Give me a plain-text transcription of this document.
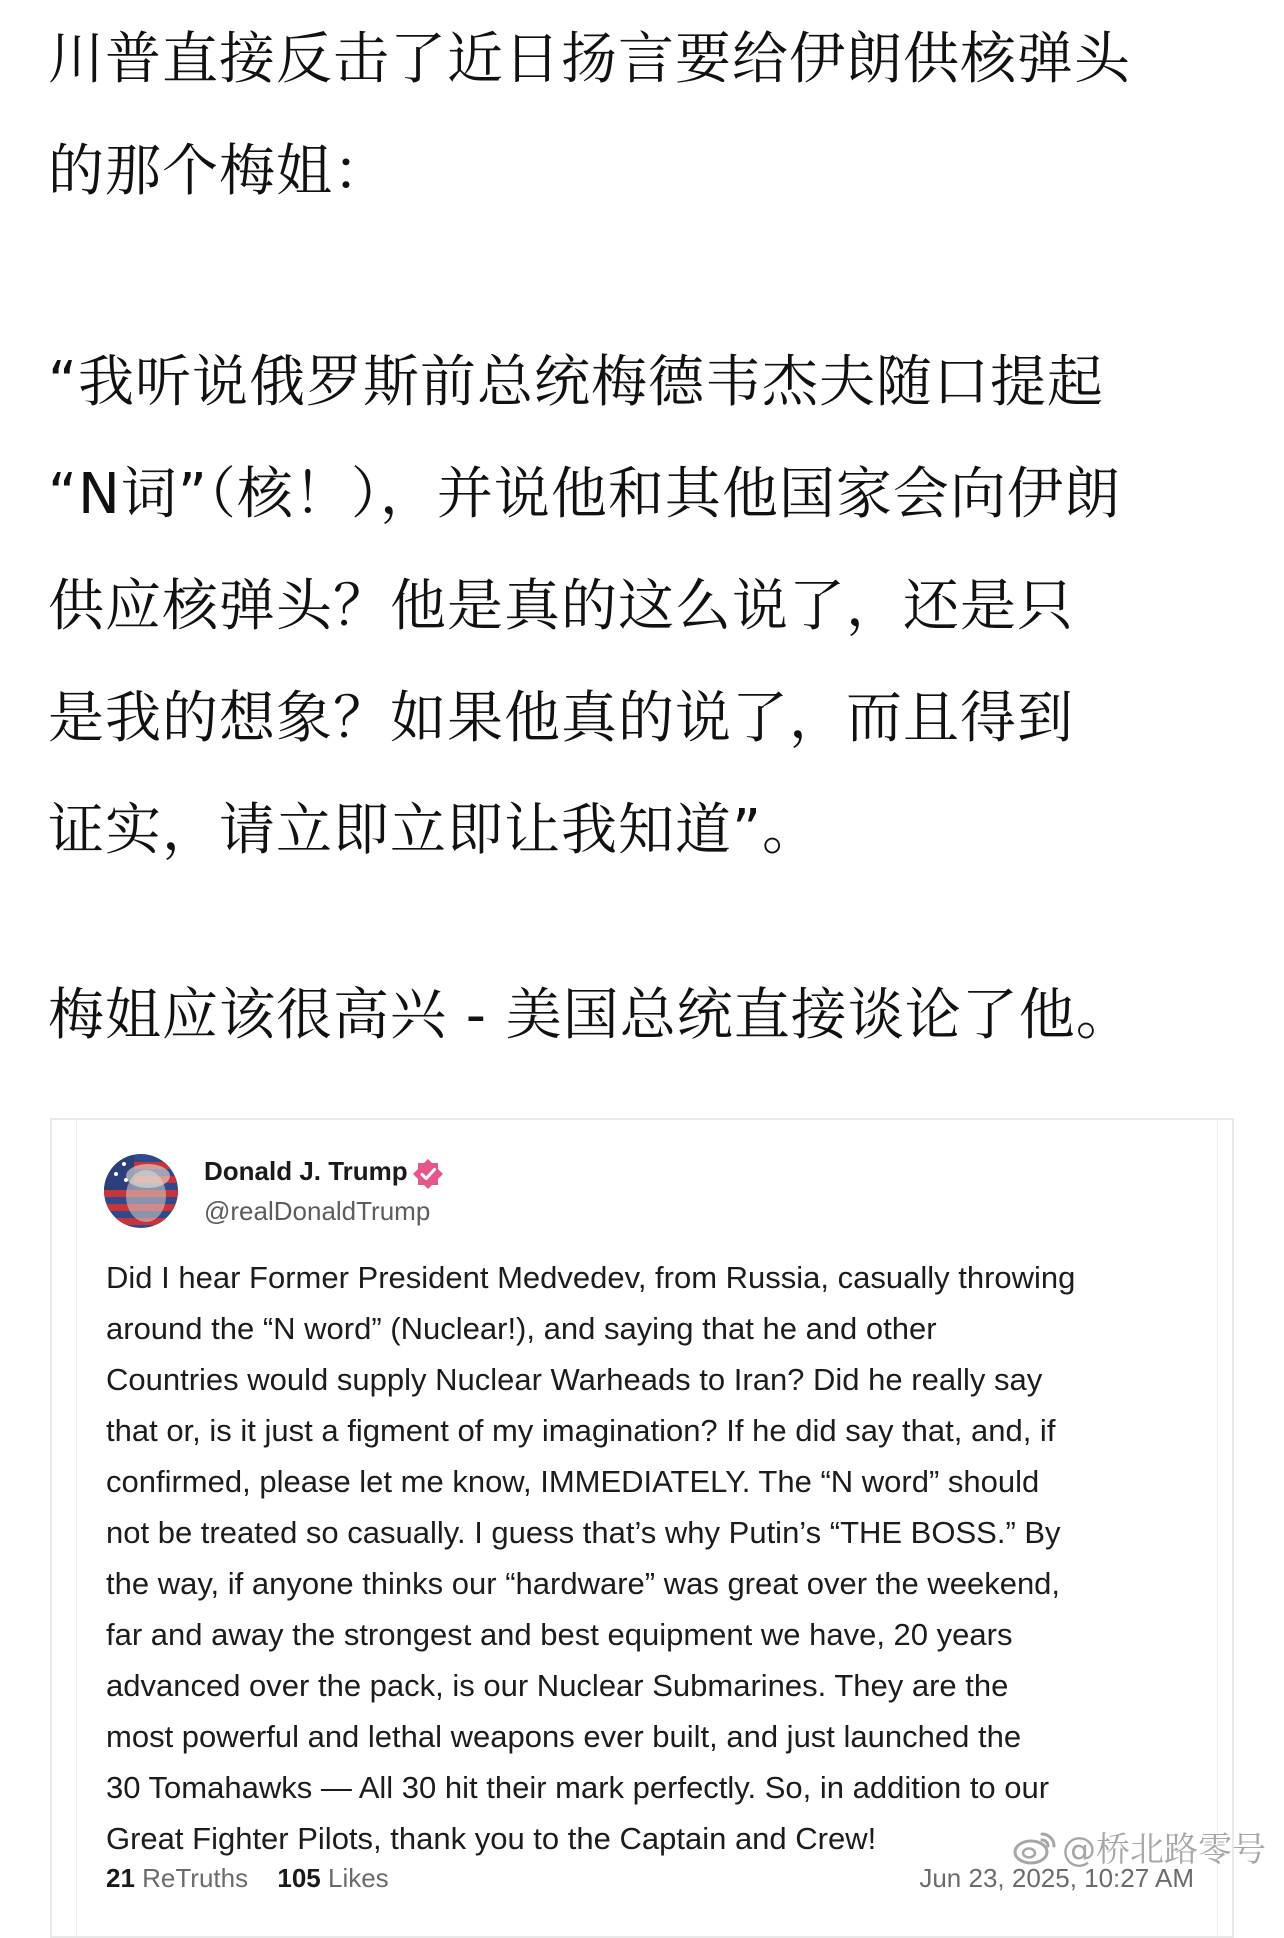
川普直接反击了近日扬言要给伊朗供核弹头
的那个梅姐：
“我听说俄罗斯前总统梅德韦杰夫随口提起
“N词”（核！），并说他和其他国家会向伊朗
供应核弹头？他是真的这么说了，还是只
是我的想象？如果他真的说了，而且得到
证实，请立即立即让我知道”。
梅姐应该很高兴 - 美国总统直接谈论了他。
Donald J. Trump
@realDonaldTrump
Did I hear Former President Medvedev, from Russia, casually throwing
around the “N word” (Nuclear!), and saying that he and other
Countries would supply Nuclear Warheads to Iran? Did he really say
that or, is it just a figment of my imagination? If he did say that, and, if
confirmed, please let me know, IMMEDIATELY. The “N word” should
not be treated so casually. I guess that’s why Putin’s “THE BOSS.” By
the way, if anyone thinks our “hardware” was great over the weekend,
far and away the strongest and best equipment we have, 20 years
advanced over the pack, is our Nuclear Submarines. They are the
most powerful and lethal weapons ever built, and just launched the
30 Tomahawks — All 30 hit their mark perfectly. So, in addition to our
Great Fighter Pilots, thank you to the Captain and Crew!
21 ReTruths 105 Likes	Jun 23, 2025, 10:27 AM
@桥北路零号
